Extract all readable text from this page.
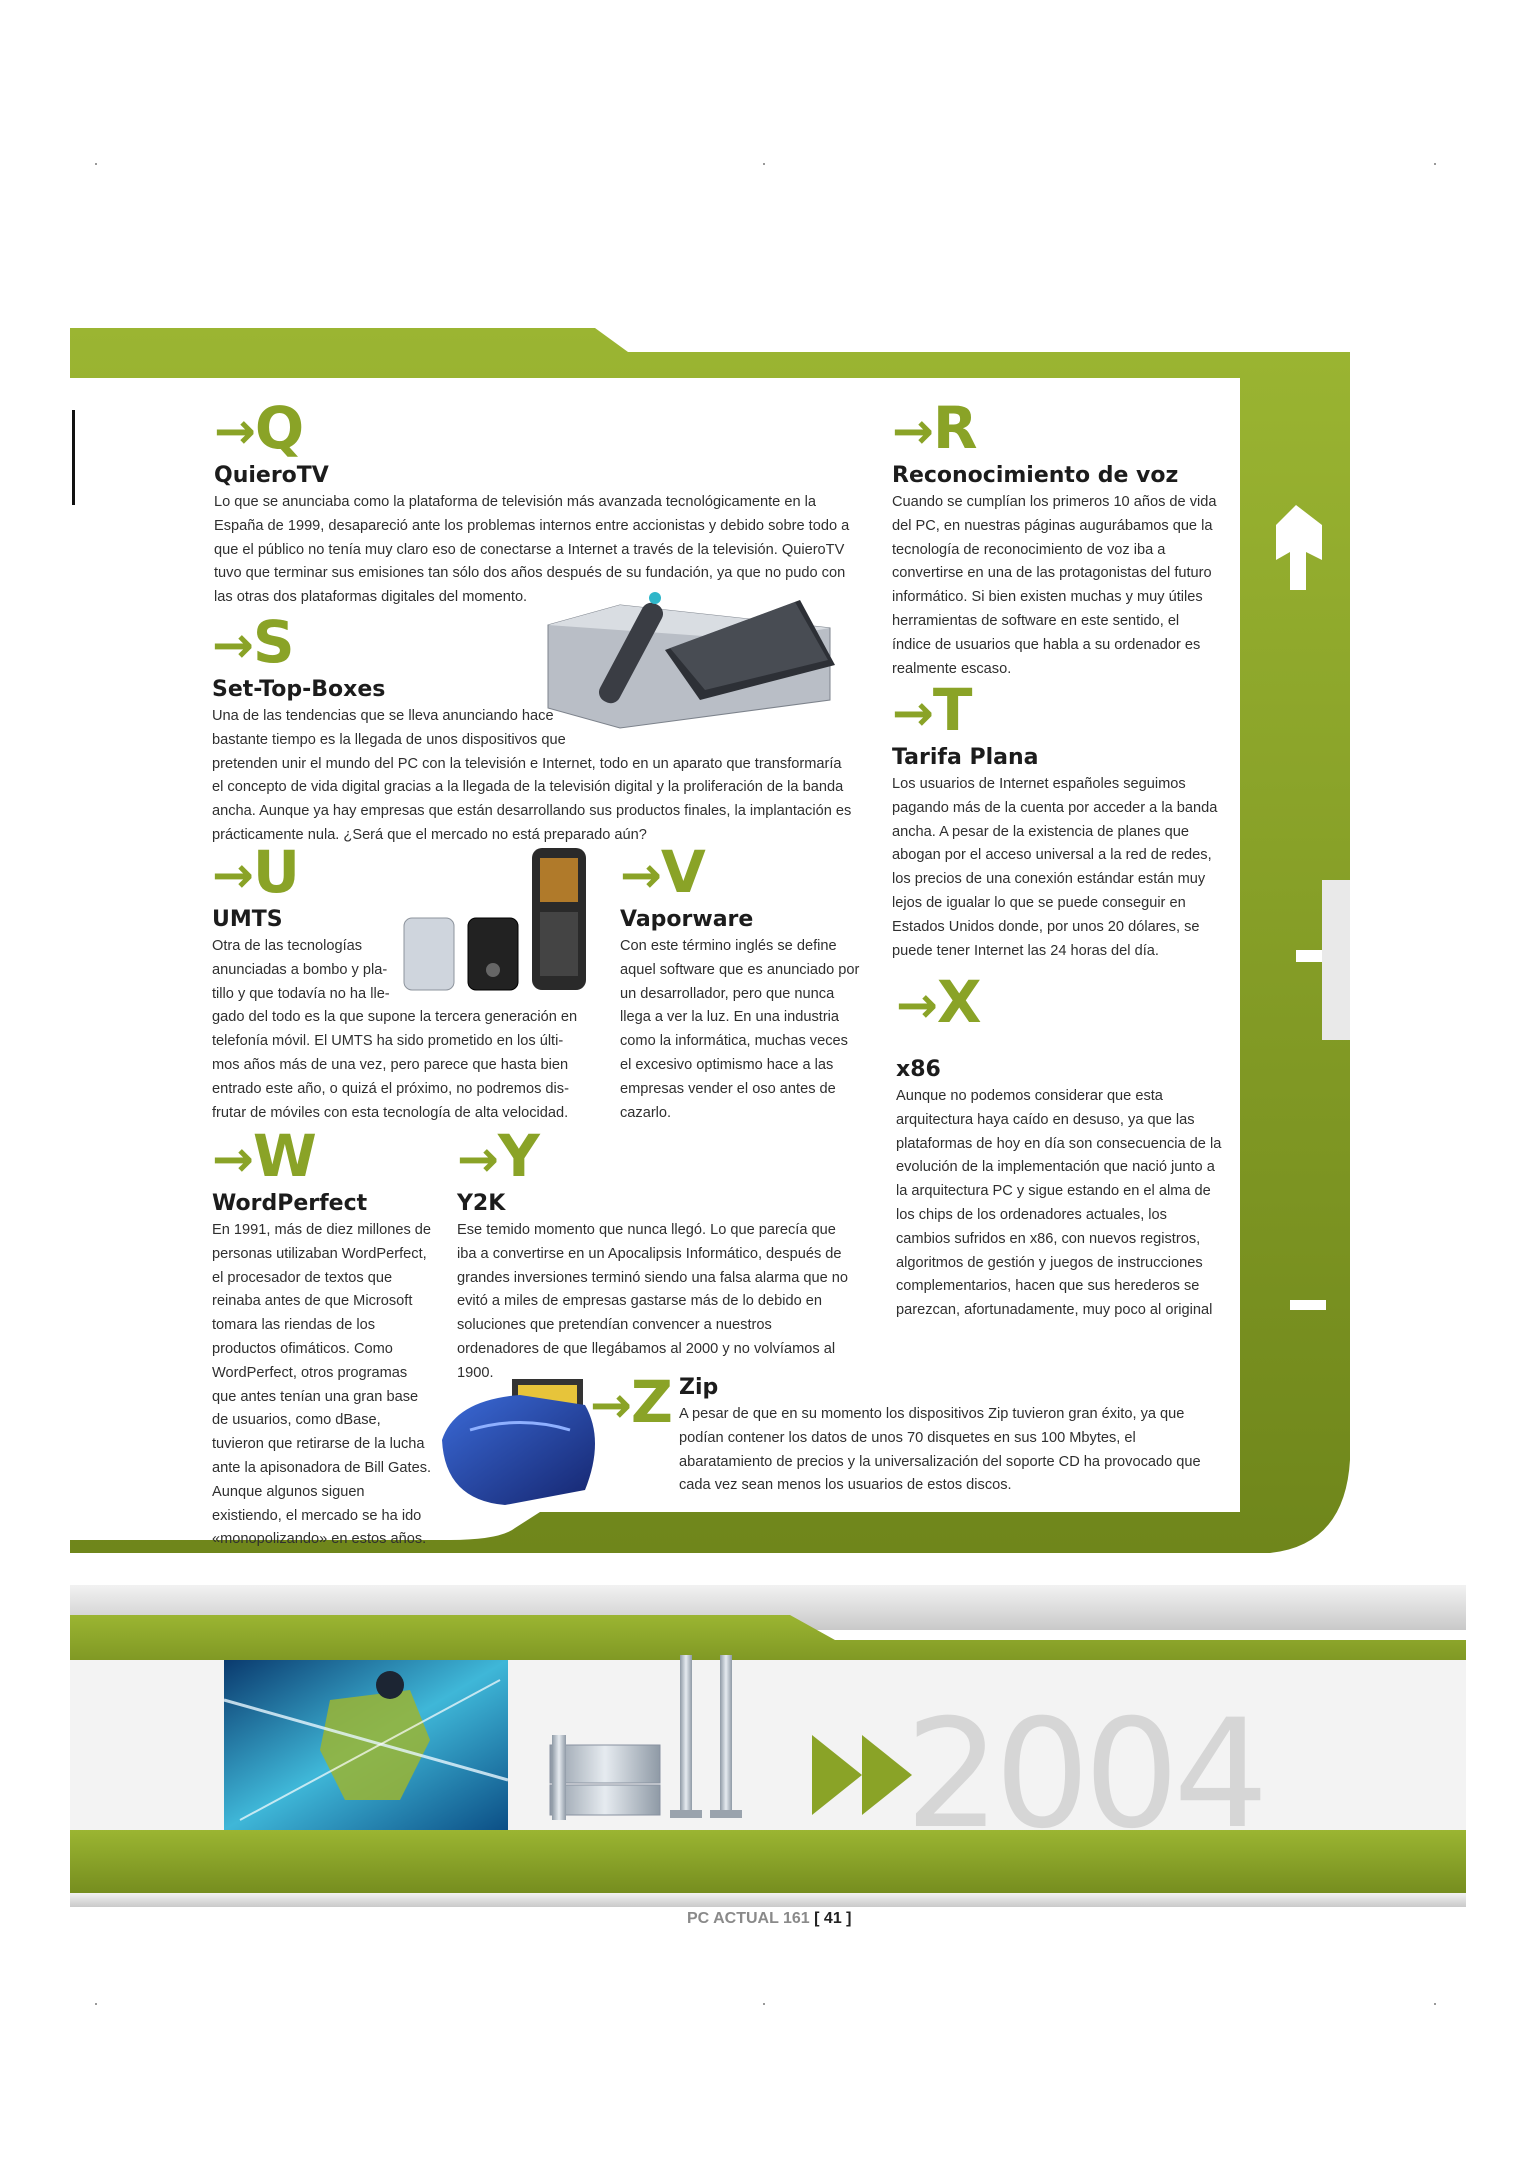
→Q
QuieroTV

Lo que se anunciaba como la plataforma de televisión más avanzada tecnológicamente en la España de 1999, desapareció ante los problemas internos entre accionistas y debido sobre todo a que el público no tenía muy claro eso de conectarse a Internet a través de la televisión. QuieroTV tuvo que terminar sus emisiones tan sólo dos años después de su fundación, ya que no pudo con las otras dos plataformas digitales del momento.

→R
Reconocimiento de voz

Cuando se cumplían los primeros 10 años de vida del PC, en nuestras páginas augurábamos que la tecnología de reconocimiento de voz iba a convertirse en una de las protagonistas del futuro informático. Si bien existen muchas y muy útiles herramientas de software en este sentido, el índice de usuarios que habla a su ordenador es realmente escaso.

→S
Set-Top-Boxes
Una de las tendencias que se lleva anunciando hace
bastante tiempo es la llegada de unos dispositivos que
pretenden unir el mundo del PC con la televisión e Internet, todo en un aparato que transformaría
el concepto de vida digital gracias a la llegada de la televisión digital y la proliferación de la banda
ancha. Aunque ya hay empresas que están desarrollando sus productos finales, la implantación es
prácticamente nula. ¿Será que el mercado no está preparado aún?
→T
Tarifa Plana

Los usuarios de Internet españoles seguimos pagando más de la cuenta por acceder a la banda ancha. A pesar de la existencia de planes que abogan por el acceso universal a la red de redes, los precios de una conexión estándar están muy lejos de igualar lo que se puede conseguir en Estados Unidos donde, por unos 20 dólares, se puede tener Internet las 24 horas del día.

→U
UMTS
Otra de las tecnologías
anunciadas a bombo y pla-
tillo y que todavía no ha lle-
gado del todo es la que supone la tercera generación en
telefonía móvil. El UMTS ha sido prometido en los últi-
mos años más de una vez, pero parece que hasta bien
entrado este año, o quizá el próximo, no podremos dis-
frutar de móviles con esta tecnología de alta velocidad.
→V
Vaporware

Con este término inglés se define aquel software que es anunciado por un desarrollador, pero que nunca llega a ver la luz. En una industria como la informática, muchas veces el excesivo optimismo hace a las empresas vender el oso antes de cazarlo.

→X
x86

Aunque no podemos considerar que esta arquitectura haya caído en desuso, ya que las plataformas de hoy en día son consecuencia de la evolución de la implementación que nació junto a la arquitectura PC y sigue estando en el alma de los chips de los ordenadores actuales, los cambios sufridos en x86, con nuevos registros, algoritmos de gestión y juegos de instrucciones complementarios, hacen que sus herederos se parezcan, afortunadamente, muy poco al original

→W
WordPerfect

En 1991, más de diez millones de personas utilizaban WordPerfect, el procesador de textos que reinaba antes de que Microsoft tomara las riendas de los productos ofimáticos. Como WordPerfect, otros programas que antes tenían una gran base de usuarios, como dBase, tuvieron que retirarse de la lucha ante la apisonadora de Bill Gates. Aunque algunos siguen existiendo, el mercado se ha ido «monopolizando» en estos años.

→Y
Y2K

Ese temido momento que nunca llegó. Lo que parecía que iba a convertirse en un Apocalipsis Informático, después de grandes inversiones terminó siendo una falsa alarma que no evitó a miles de empresas gastarse más de lo debido en soluciones que pretendían convencer a nuestros ordenadores de que llegábamos al 2000 y no volvíamos al 1900.

→Z Zip

A pesar de que en su momento los dispositivos Zip tuvieron gran éxito, ya que podían contener los datos de unos 70 disquetes en sus 100 Mbytes, el abaratamiento de precios y la universalización del soporte CD ha provocado que cada vez sean menos los usuarios de estos discos.

2004
PC ACTUAL 161 [ 41 ]
